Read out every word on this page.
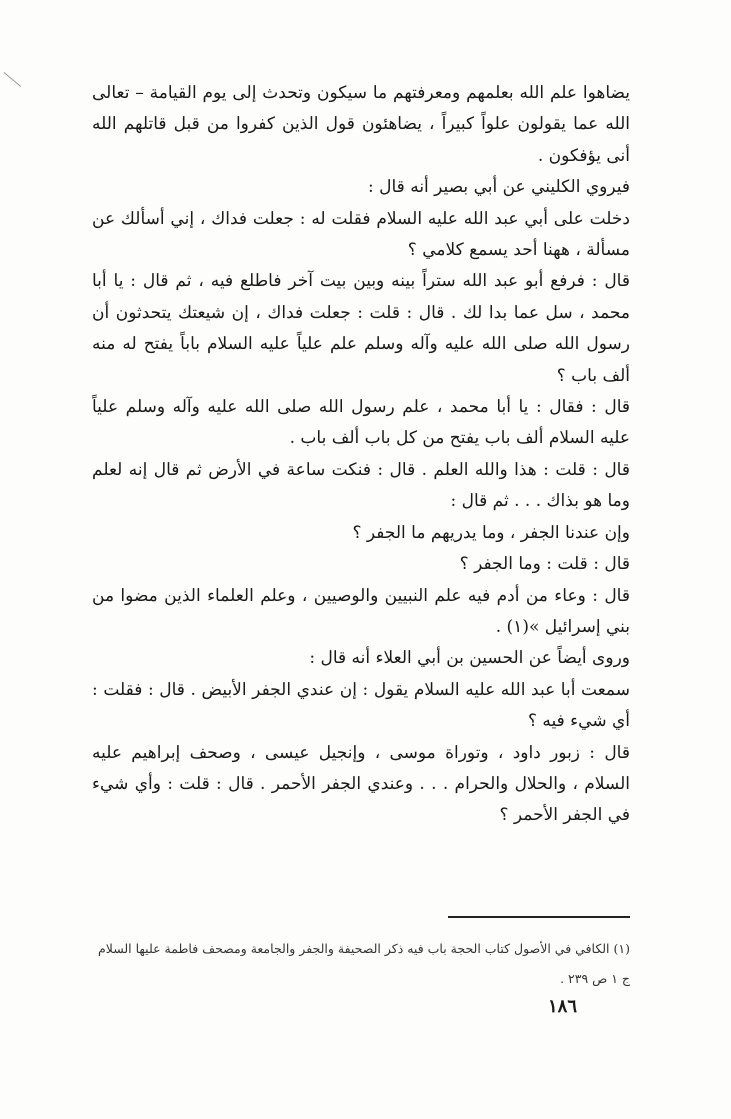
يضاهوا علم الله بعلمهم ومعرفتهم ما سيكون وتحدث إلى يوم القيامة – تعالى الله عما يقولون علواً كبيراً ، يضاهئون قول الذين كفروا من قبل قاتلهم الله أنى يؤفكون .

فيروي الكليني عن أبي بصير أنه قال :

دخلت على أبي عبد الله عليه السلام فقلت له : جعلت فداك ، إني أسألك عن مسألة ، ههنا أحد يسمع كلامي ؟

قال : فرفع أبو عبد الله ستراً بينه وبين بيت آخر فاطلع فيه ، ثم قال : يا أبا محمد ، سل عما بدا لك . قال : قلت : جعلت فداك ، إن شيعتك يتحدثون أن رسول الله صلى الله عليه وآله وسلم علم علياً عليه السلام باباً يفتح له منه ألف باب ؟

قال : فقال : يا أبا محمد ، علم رسول الله صلى الله عليه وآله وسلم علياً عليه السلام ألف باب يفتح من كل باب ألف باب .

قال : قلت : هذا والله العلم . قال : فنكت ساعة في الأرض ثم قال إنه لعلم وما هو بذاك . . . ثم قال :

وإن عندنا الجفر ، وما يدريهم ما الجفر ؟

قال : قلت : وما الجفر ؟

قال : وعاء من أدم فيه علم النبيين والوصيين ، وعلم العلماء الذين مضوا من بني إسرائيل »(١) .

وروى أيضاً عن الحسين بن أبي العلاء أنه قال :

سمعت أبا عبد الله عليه السلام يقول : إن عندي الجفر الأبيض . قال : فقلت : أي شيء فيه ؟

قال : زبور داود ، وتوراة موسى ، وإنجيل عيسى ، وصحف إبراهيم عليه السلام ، والحلال والحرام . . . وعندي الجفر الأحمر . قال : قلت : وأي شيء في الجفر الأحمر ؟

(١) الكافي في الأصول كتاب الحجة باب فيه ذكر الصحيفة والجفر والجامعة ومصحف فاطمة عليها السلام ج ١ ص ٢٣٩ .
١٨٦
